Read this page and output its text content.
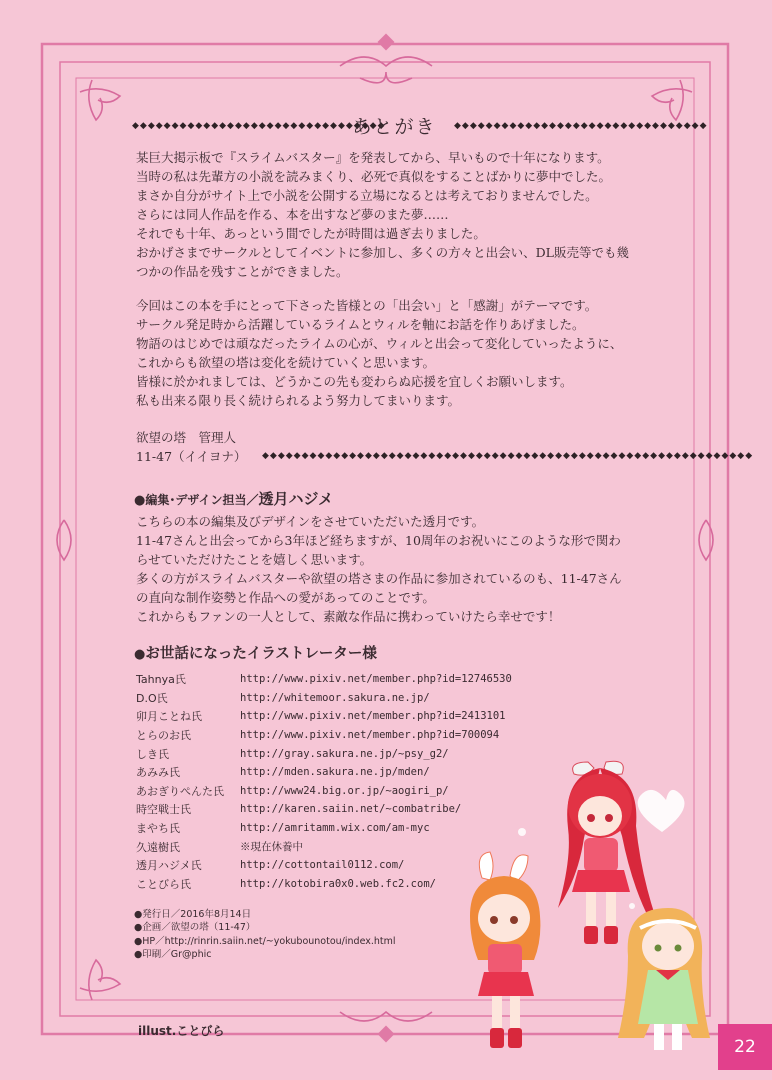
◆◆◆◆◆◆◆◆◆◆◆◆◆◆◆◆◆◆◆◆◆◆◆◆◆◆◆◆◆◆◆◆
あとがき	◆◆◆◆◆◆◆◆◆◆◆◆◆◆◆◆◆◆◆◆◆◆◆◆◆◆◆◆◆◆◆◆

某巨大掲示板で『スライムバスター』を発表してから、早いもので十年になります。

当時の私は先輩方の小説を読みまくり、必死で真似をすることばかりに夢中でした。

まさか自分がサイト上で小説を公開する立場になるとは考えておりませんでした。

さらには同人作品を作る、本を出すなど夢のまた夢……

それでも十年、あっという間でしたが時間は過ぎ去りました。

おかげさまでサークルとしてイベントに参加し、多くの方々と出会い、DL販売等でも幾

つかの作品を残すことができました。

今回はこの本を手にとって下さった皆様との「出会い」と「感謝」がテーマです。

サークル発足時から活躍しているライムとウィルを軸にお話を作りあげました。

物語のはじめでは頑なだったライムの心が、ウィルと出会って変化していったように、

これからも欲望の塔は変化を続けていくと思います。

皆様に於かれましては、どうかこの先も変わらぬ応援を宜しくお願いします。

私も出来る限り長く続けられるよう努力してまいります。

欲望の塔　管理人

11-47（イイヨナ） ◆◆◆◆◆◆◆◆◆◆◆◆◆◆◆◆◆◆◆◆◆◆◆◆◆◆◆◆◆◆◆◆◆◆◆◆◆◆◆◆◆◆◆◆◆◆◆◆◆◆◆◆◆◆◆◆◆◆◆◆◆◆
●編集･デザイン担当／透月ハジメ

こちらの本の編集及びデザインをさせていただいた透月です。

11-47さんと出会ってから3年ほど経ちますが、10周年のお祝いにこのような形で関わ

らせていただけたことを嬉しく思います。

多くの方がスライムバスターや欲望の塔さまの作品に参加されているのも、11-47さん

の直向な制作姿勢と作品への愛があってのことです。

これからもファンの一人として、素敵な作品に携わっていけたら幸せです！

●お世話になったイラストレーター様
Tahnya氏	http://www.pixiv.net/member.php?id=12746530
D.O氏	http://whitemoor.sakura.ne.jp/
卯月ことね氏	http://www.pixiv.net/member.php?id=2413101
とらのお氏	http://www.pixiv.net/member.php?id=700094
しき氏	http://gray.sakura.ne.jp/~psy_g2/
あみみ氏	http://mden.sakura.ne.jp/mden/
あおぎりぺんた氏	http://www24.big.or.jp/~aogiri_p/
時空戦士氏	http://karen.saiin.net/~combatribe/
まやち氏	http://amritamm.wix.com/am-myc
久遠樹氏	※現在休養中
透月ハジメ氏	http://cottontail0112.com/
ことびら氏	http://kotobira0x0.web.fc2.com/

●発行日／2016年8月14日

●企画／欲望の塔（11-47）

●HP／http://rinrin.saiin.net/~yokubounotou/index.html

●印刷／Gr@phic

illust.ことびら
22
